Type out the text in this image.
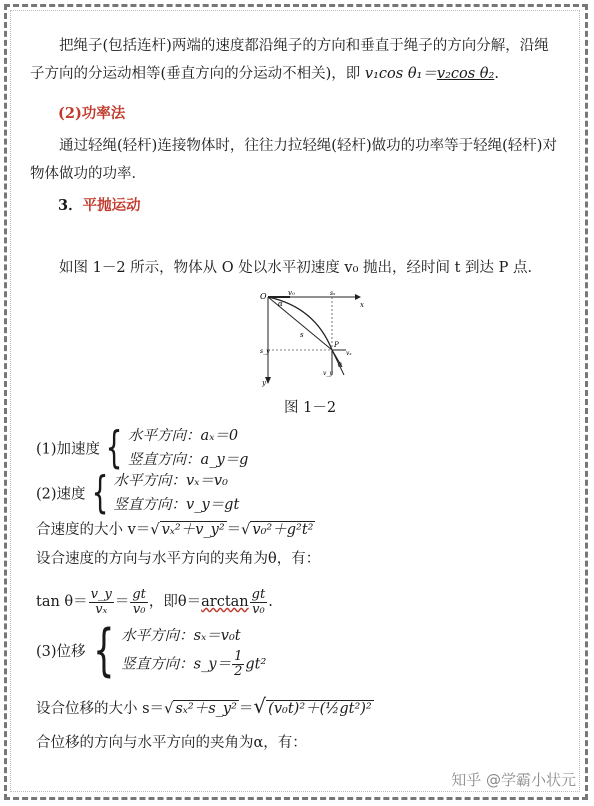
把绳子(包括连杆)两端的速度都沿绳子的方向和垂直于绳子的方向分解，沿绳子方向的分运动相等(垂直方向的分运动不相关)，即 v₁cos θ₁＝v₂cos θ₂.

(2)功率法

通过轻绳(轻杆)连接物体时，往往力拉轻绳(轻杆)做功的功率等于轻绳(轻杆)对物体做功的功率．

3．平抛运动

如图 1－2 所示，物体从 O 处以水平初速度 v₀ 抛出，经时间 t 到达 P 点．

O
x
y
v₀
α
s
P
sₓ
s_y	vₓ
v_y
θ

图 1－2

(1)加速度 { 水平方向：aₓ＝0
竖直方向：a_y＝g
(2)速度 { 水平方向：vₓ＝v₀
竖直方向：v_y＝gt

合速度的大小 v＝√ vₓ²＋v_y² ＝√ v₀²＋g²t²

设合速度的方向与水平方向的夹角为θ，有：

$\tan \theta= \frac{v\_y}{\text{vₓ}} = \frac{gt}{\text{v₀}}$ ，即$\theta=\arctan \frac{gt}{\text{v₀}}$ .

(3)位移 { 水平方向：sₓ＝v₀t
竖直方向：s_y＝ $\frac{1}{2} gt^2$

设合位移的大小 s＝√ sₓ²＋s_y² ＝√ (v₀t)²＋(½gt²)²

合位移的方向与水平方向的夹角为α，有：

知乎 @学霸小状元
